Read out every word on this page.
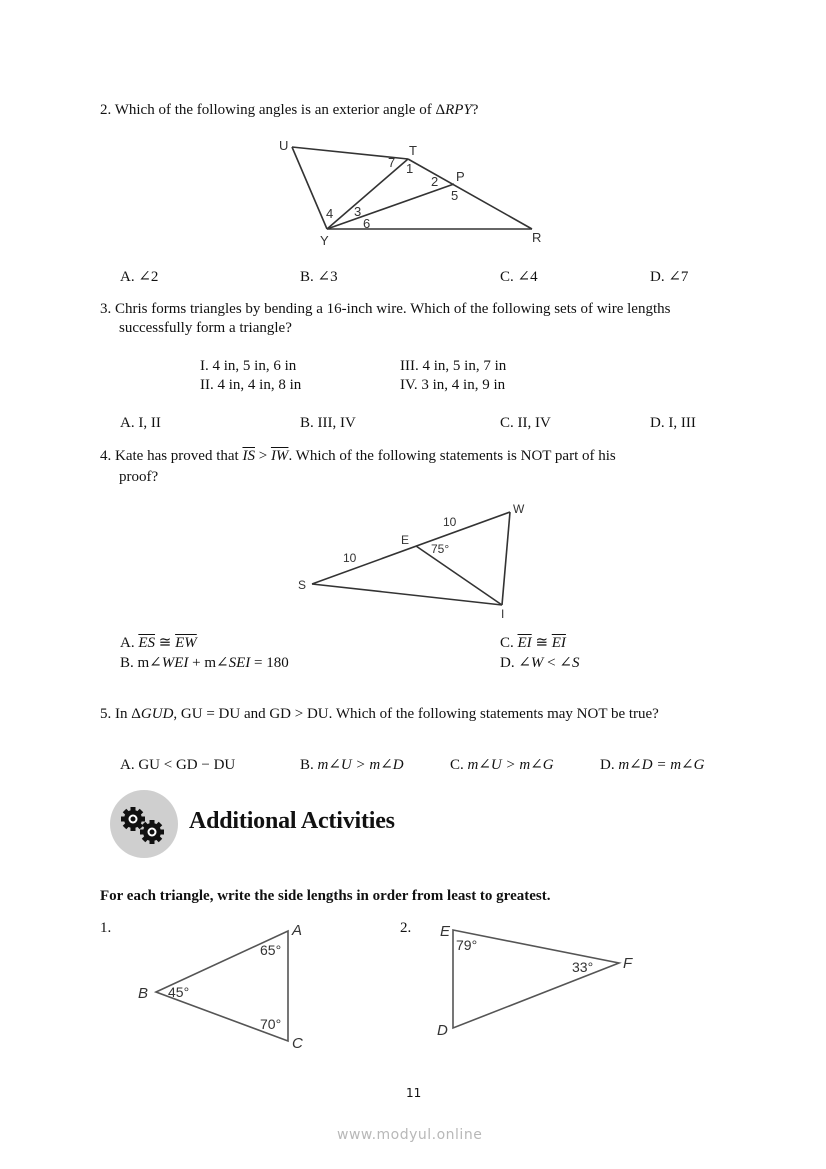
2. Which of the following angles is an exterior angle of ΔRPY?
U	T
P
Y	R
7 1
2
5
4 3
6
A. ∠2	B. ∠3	C. ∠4	D. ∠7
3. Chris forms triangles by bending a 16-inch wire. Which of the following sets of wire lengths
successfully form a triangle?
I. 4 in, 5 in, 6 in
II. 4 in, 4 in, 8 in
III. 4 in, 5 in, 7 in
IV. 3 in, 4 in, 9 in
A. I, II	B. III, IV	C. II, IV	D. I, III
4. Kate has proved that $\overline{IS} > \overline{IW}$. Which of the following statements is NOT part of his
proof?
S
E
W
I
10
10
75°
A. $\overline{ES}$ ≅ $\overline{EW}$
B. m∠WEI + m∠SEI = 180
C. $\overline{EI}$ ≅ $\overline{EI}$
D. ∠W < ∠S
5. In ΔGUD, GU = DU and GD > DU. Which of the following statements may NOT be true?
A. GU < GD − DU	B. m∠U > m∠D	C. m∠U > m∠G	D. m∠D = m∠G
Additional Activities
For each triangle, write the side lengths in order from least to greatest.
1.	A
B
C
65°
45°
70°
2. E
F
D
79°
33°
11
www.modyul.online
